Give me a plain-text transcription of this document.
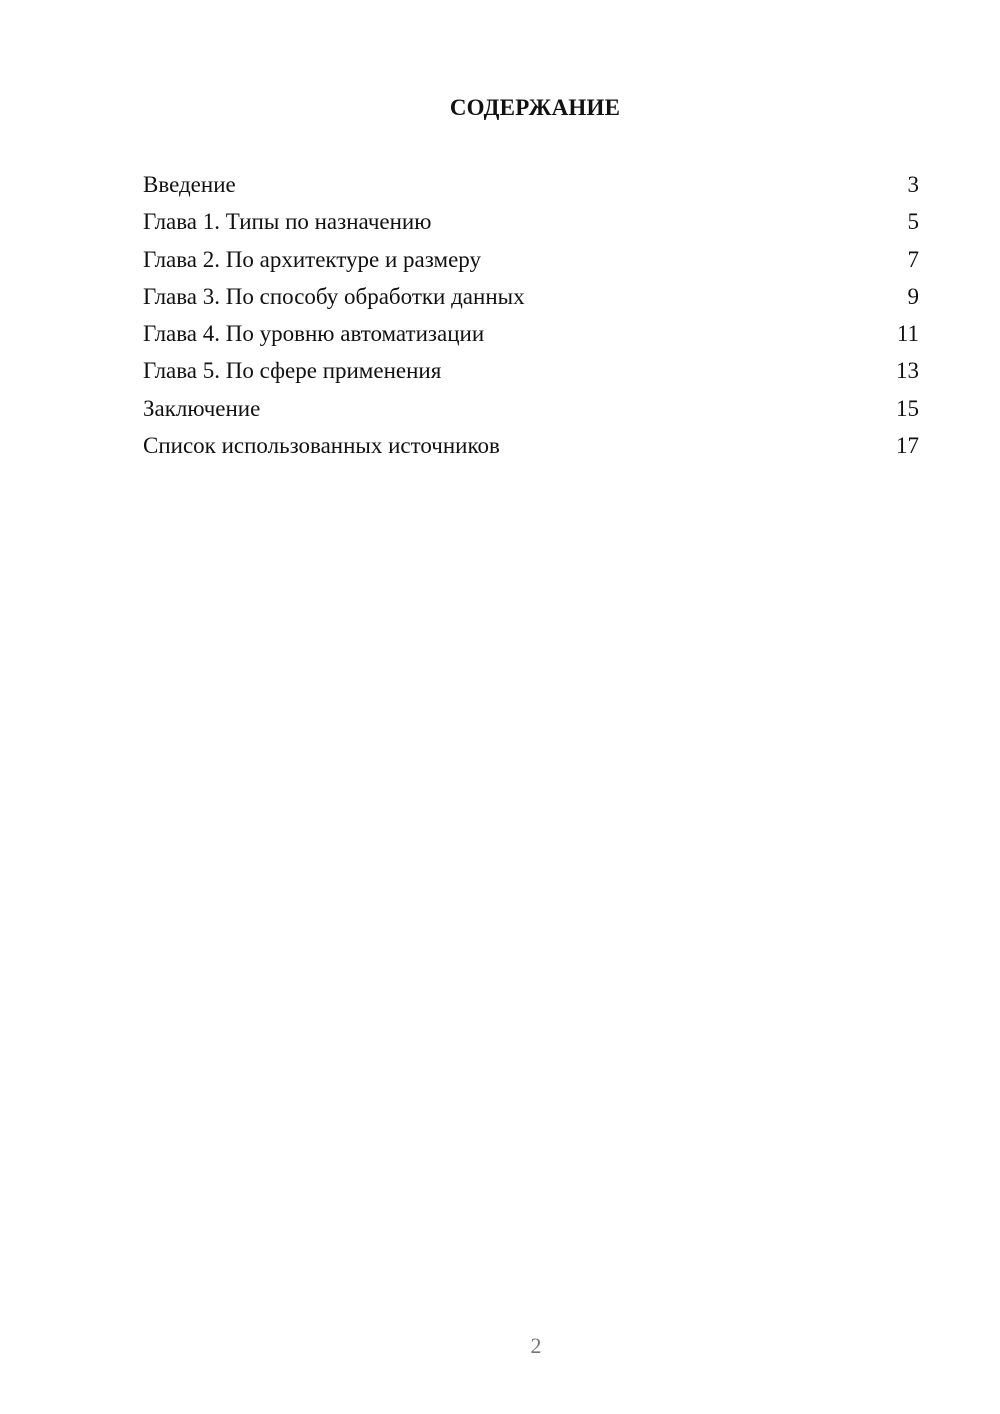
СОДЕРЖАНИЕ
Введение	3
Глава 1. Типы по назначению	5
Глава 2. По архитектуре и размеру	7
Глава 3. По способу обработки данных	9
Глава 4. По уровню автоматизации	11
Глава 5. По сфере применения	13
Заключение	15
Список использованных источников	17
2
